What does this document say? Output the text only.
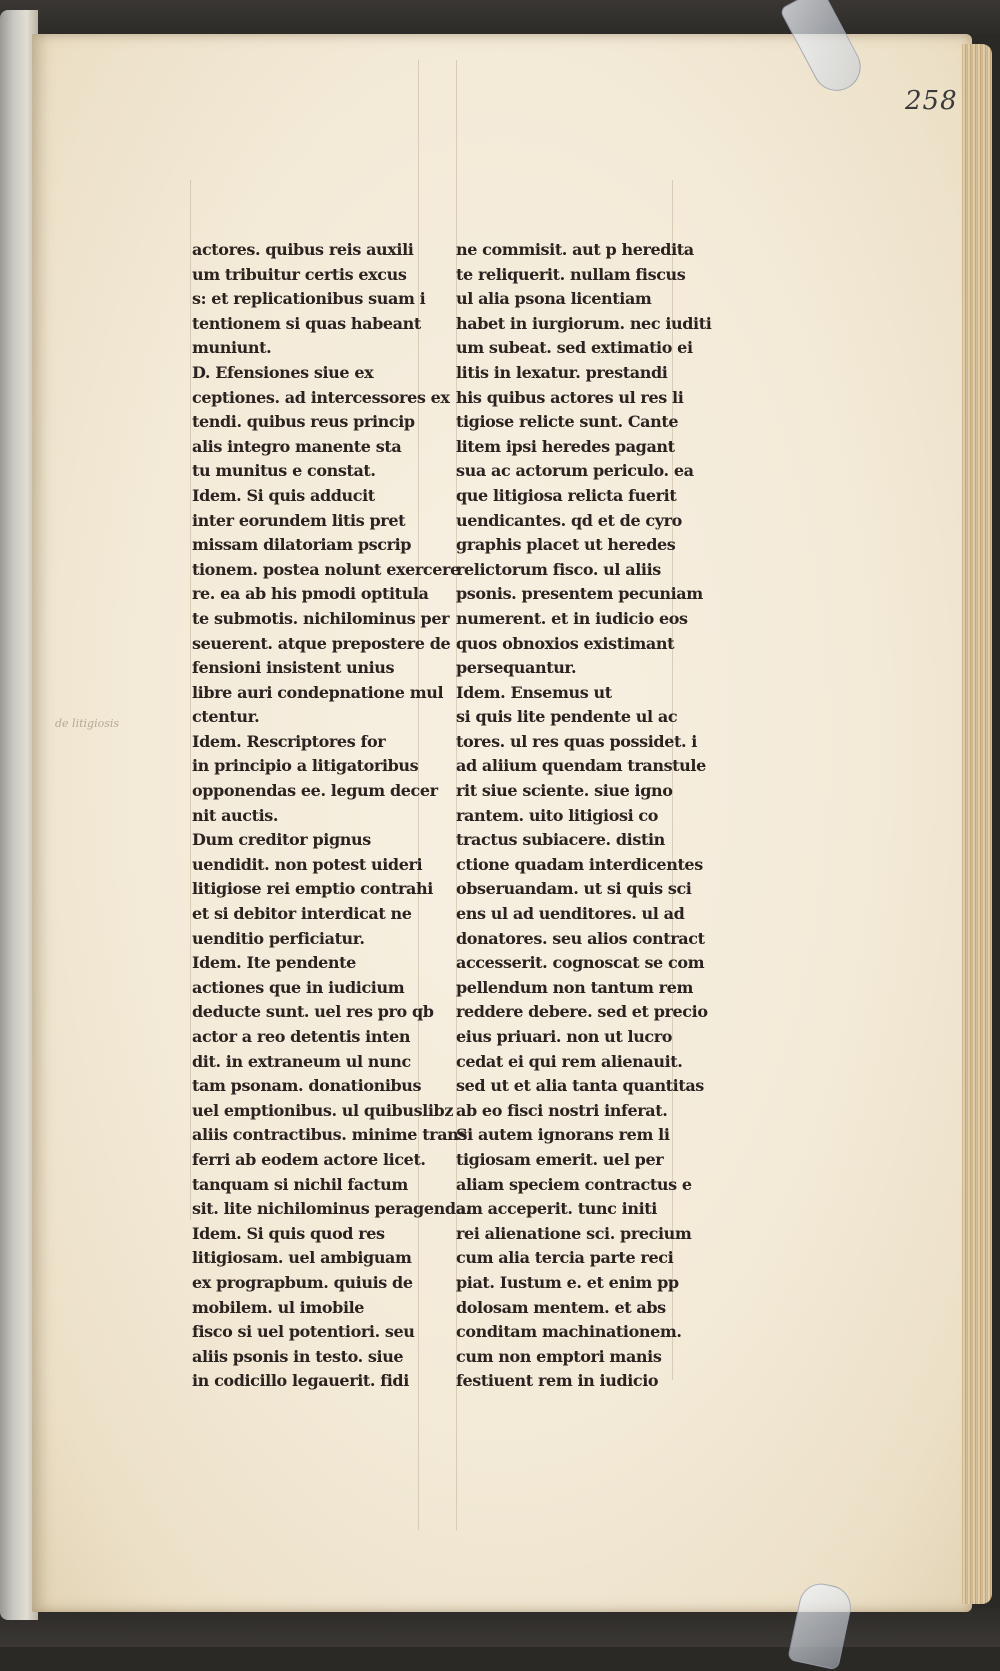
258
de litigiosis
actores. quibus reis auxili
um tribuitur certis excus
s: et replicationibus suam i
tentionem si quas habeant
muniunt.
D. Efensiones siue ex
ceptiones. ad intercessores ex
tendi. quibus reus princip
alis integro manente sta
tu munitus e constat.
Idem. Si quis adducit
inter eorundem litis pret
missam dilatoriam pscrip
tionem. postea nolunt exercere
re. ea ab his pmodi optitula
te submotis. nichilominus per
seuerent. atque prepostere de
fensioni insistent unius
libre auri condepnatione mul
ctentur.
Idem. Rescriptores for
in principio a litigatoribus
opponendas ee. legum decer
nit auctis.
Dum creditor pignus
uendidit. non potest uideri
litigiose rei emptio contrahi
et si debitor interdicat ne
uenditio perficiatur.
Idem. Ite pendente
actiones que in iudicium
deducte sunt. uel res pro qb
actor a reo detentis inten
dit. in extraneum ul nunc
tam psonam. donationibus
uel emptionibus. ul quibuslibz
aliis contractibus. minime trans
ferri ab eodem actore licet.
tanquam si nichil factum
sit. lite nichilominus peragenda.
Idem. Si quis quod res
litigiosam. uel ambiguam
ex prograpbum. quiuis de
mobilem. ul imobile
fisco si uel potentiori. seu
aliis psonis in testo. siue
in codicillo legauerit. fidi
ne commisit. aut p heredita
te reliquerit. nullam fiscus
ul alia psona licentiam
habet in iurgiorum. nec iuditi
um subeat. sed extimatio ei
litis in lexatur. prestandi
his quibus actores ul res li
tigiose relicte sunt. Cante
litem ipsi heredes pagant
sua ac actorum periculo. ea
que litigiosa relicta fuerit
uendicantes. qd et de cyro
graphis placet ut heredes
relictorum fisco. ul aliis
psonis. presentem pecuniam
numerent. et in iudicio eos
quos obnoxios existimant
persequantur.
Idem. Ensemus ut
si quis lite pendente ul ac
tores. ul res quas possidet. i
ad aliium quendam transtule
rit siue sciente. siue igno
rantem. uito litigiosi co
tractus subiacere. distin
ctione quadam interdicentes
obseruandam. ut si quis sci
ens ul ad uenditores. ul ad
donatores. seu alios contract
accesserit. cognoscat se com
pellendum non tantum rem
reddere debere. sed et precio
eius priuari. non ut lucro
cedat ei qui rem alienauit.
sed ut et alia tanta quantitas
ab eo fisci nostri inferat.
Si autem ignorans rem li
tigiosam emerit. uel per
aliam speciem contractus e
am acceperit. tunc initi
rei alienatione sci. precium
cum alia tercia parte reci
piat. Iustum e. et enim pp
dolosam mentem. et abs
conditam machinationem.
cum non emptori manis
festiuent rem in iudicio
